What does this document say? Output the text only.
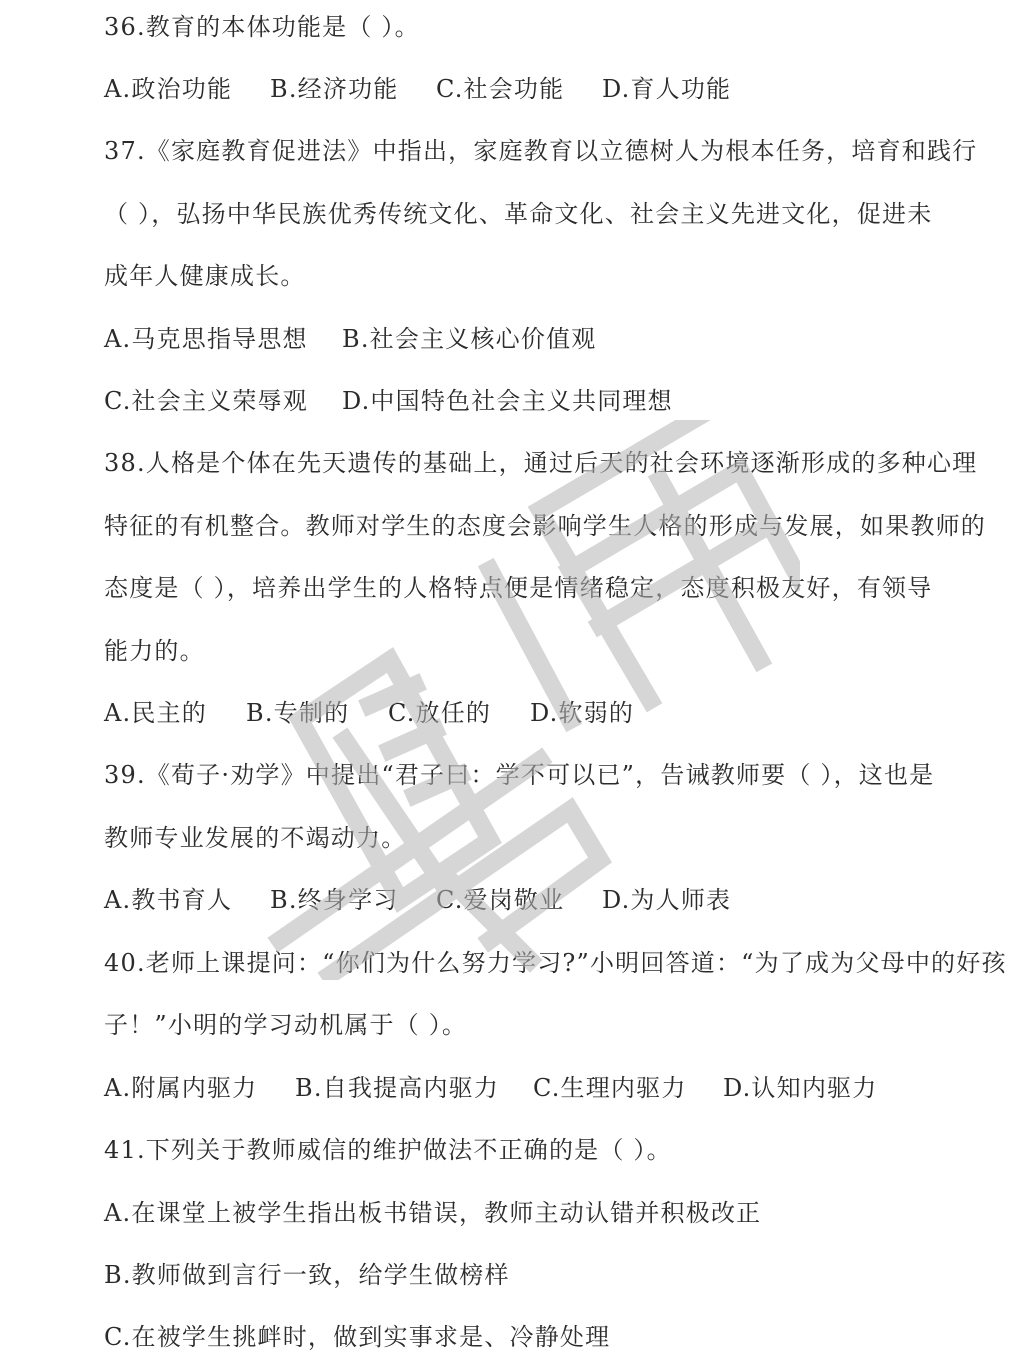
36.教育的本体功能是（ ）。
A.政治功能 B.经济功能 C.社会功能 D.育人功能
37.《家庭教育促进法》中指出，家庭教育以立德树人为根本任务，培育和践行
（ ），弘扬中华民族优秀传统文化、革命文化、社会主义先进文化，促进未
成年人健康成长。
A.马克思指导思想 B.社会主义核心价值观
C.社会主义荣辱观 D.中国特色社会主义共同理想
38.人格是个体在先天遗传的基础上，通过后天的社会环境逐渐形成的多种心理
特征的有机整合。教师对学生的态度会影响学生人格的形成与发展，如果教师的
态度是（ ），培养出学生的人格特点便是情绪稳定，态度积极友好，有领导
能力的。
A.民主的 B.专制的 C.放任的 D.软弱的
39.《荀子·劝学》中提出“君子曰：学不可以已”，告诫教师要（ ），这也是
教师专业发展的不竭动力。
A.教书育人 B.终身学习 C.爱岗敬业 D.为人师表
40.老师上课提问：“你们为什么努力学习?”小明回答道：“为了成为父母中的好孩
子！”小明的学习动机属于（ ）。
A.附属内驱力 B.自我提高内驱力 C.生理内驱力 D.认知内驱力
41.下列关于教师威信的维护做法不正确的是（ ）。
A.在课堂上被学生指出板书错误，教师主动认错并积极改正
B.教师做到言行一致，给学生做榜样
C.在被学生挑衅时，做到实事求是、冷静处理
